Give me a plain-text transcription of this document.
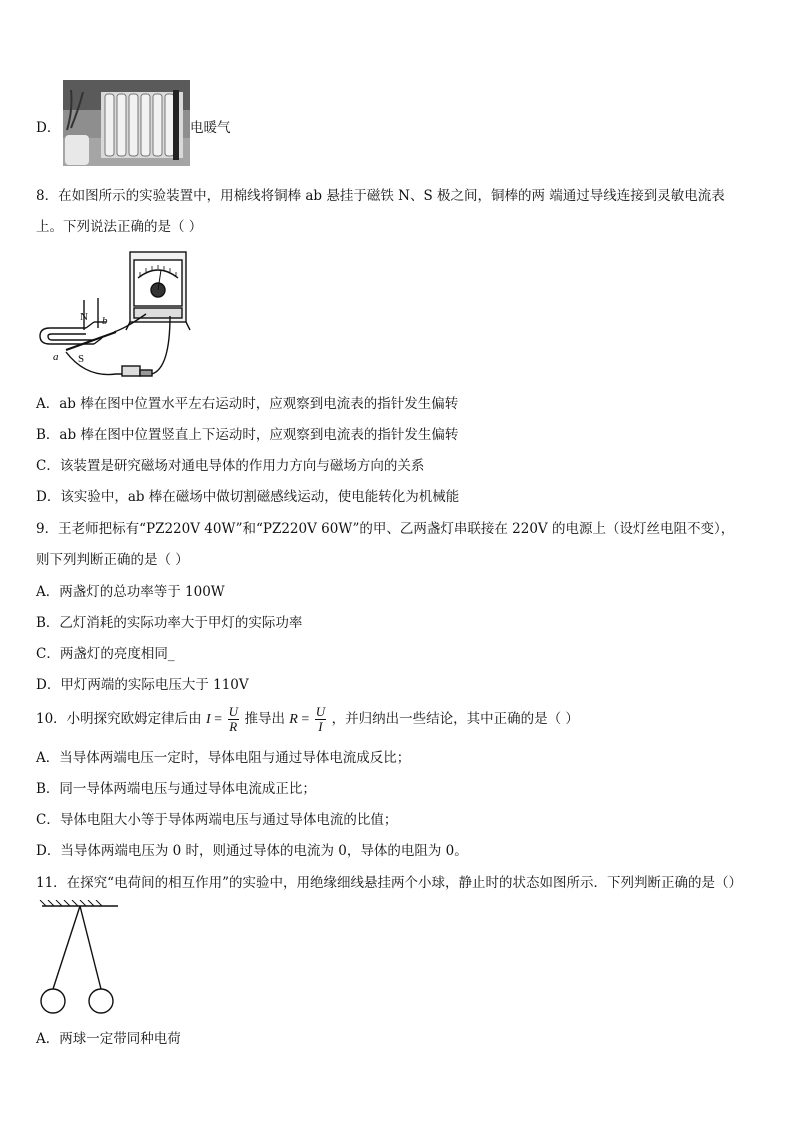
D．	电暖气
8．在如图所示的实验装置中，用棉线将铜棒 ab 悬挂于磁铁 N、S 极之间，铜棒的两 端通过导线连接到灵敏电流表
上。下列说法正确的是（ ）
N
S
a
b
A．ab 棒在图中位置水平左右运动时，应观察到电流表的指针发生偏转
B．ab 棒在图中位置竖直上下运动时，应观察到电流表的指针发生偏转
C．该装置是研究磁场对通电导体的作用力方向与磁场方向的关系
D．该实验中，ab 棒在磁场中做切割磁感线运动，使电能转化为机械能
9．王老师把标有“PZ220V 40W”和“PZ220V 60W”的甲、乙两盏灯串联接在 220V 的电源上（设灯丝电阻不变），
则下列判断正确的是（ ）
A．两盏灯的总功率等于 100W
B．乙灯消耗的实际功率大于甲灯的实际功率
C．两盏灯的亮度相同_
D．甲灯两端的实际电压大于 110V
10．小明探究欧姆定律后由 $I = \frac{U}{R}$ 推导出 $R = \frac{U}{I}$ ，并归纳出一些结论，其中正确的是（ ）
A．当导体两端电压一定时，导体电阻与通过导体电流成反比；
B．同一导体两端电压与通过导体电流成正比；
C．导体电阻大小等于导体两端电压与通过导体电流的比值；
D．当导体两端电压为 0 时，则通过导体的电流为 0，导体的电阻为 0。
11．在探究“电荷间的相互作用”的实验中，用绝缘细线悬挂两个小球，静止时的状态如图所示．下列判断正确的是（）
A．两球一定带同种电荷
